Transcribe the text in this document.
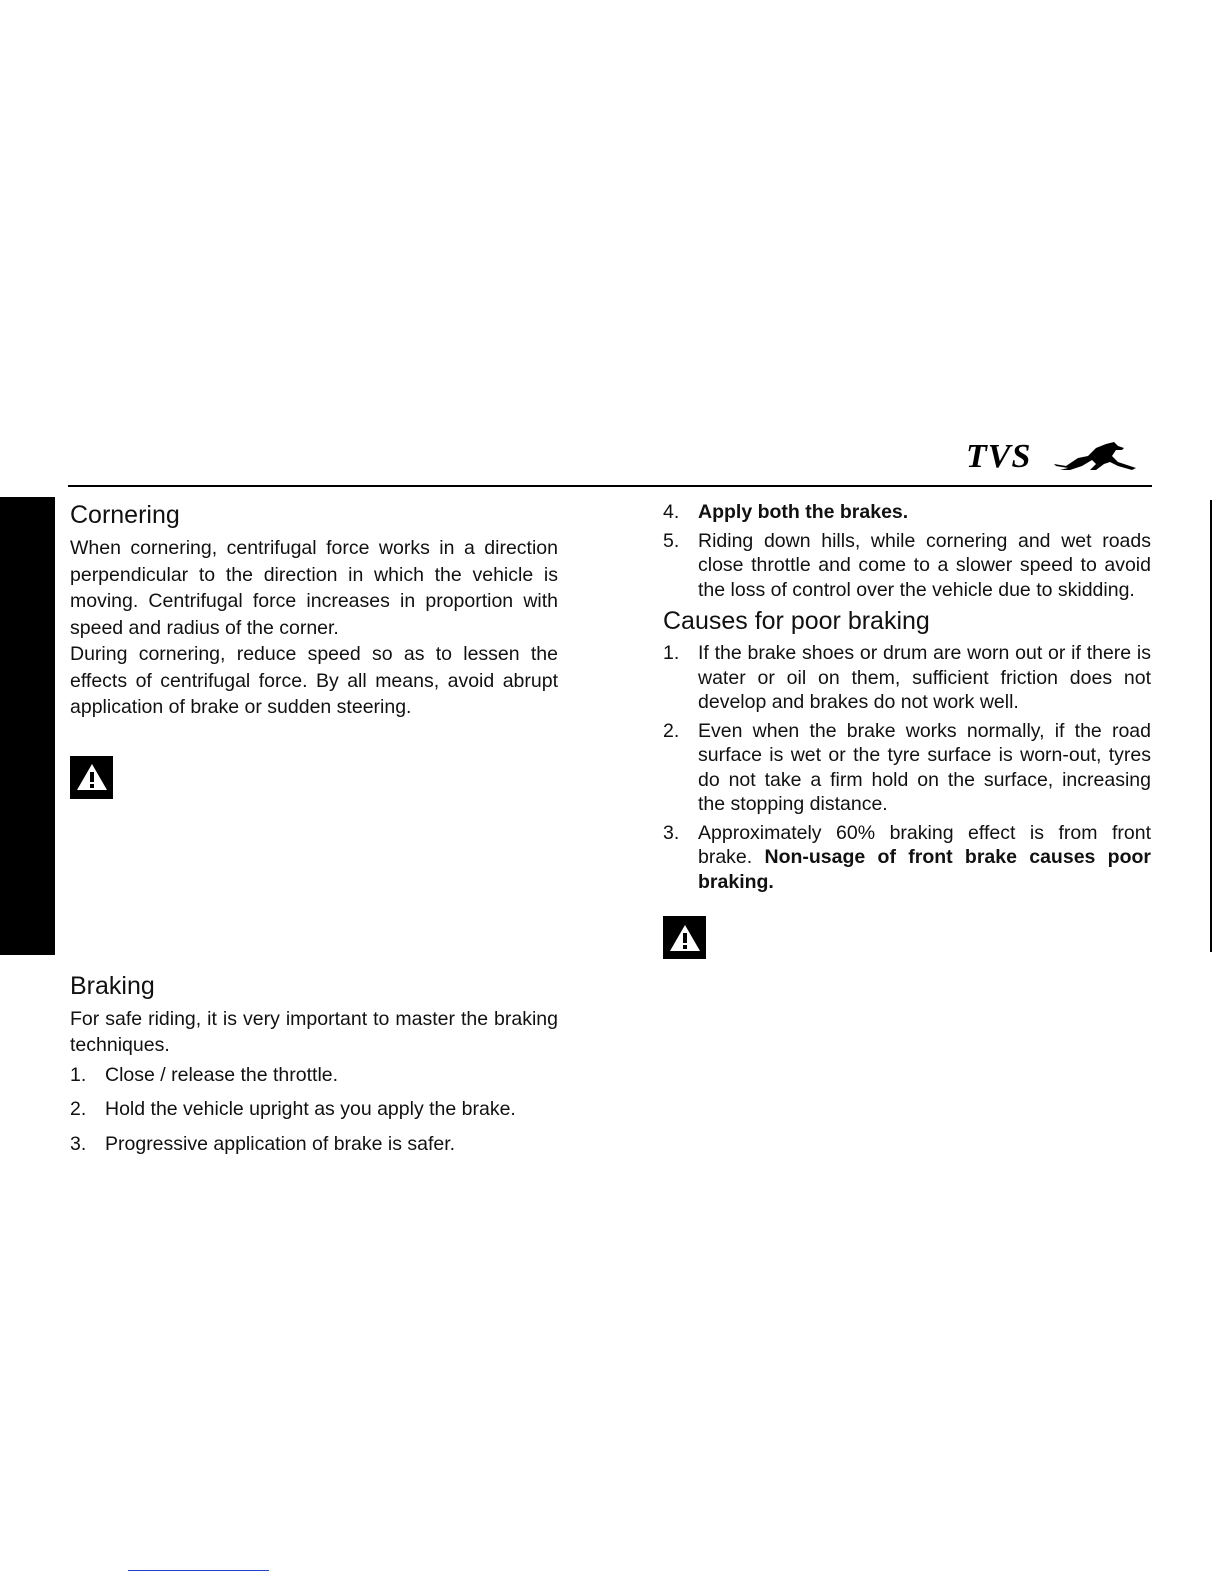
TVS
Cornering

When cornering, centrifugal force works in a direction perpendicular to the direction in which the vehicle is moving. Centrifugal force increases in proportion with speed and radius of the corner.

During cornering, reduce speed so as to lessen the effects of centrifugal force. By all means, avoid abrupt application of brake or sudden steering.

Braking

For safe riding, it is very important to master the braking techniques.

1. Close / release the throttle.
2. Hold the vehicle upright as you apply the brake.
3. Progressive application of brake is safer.
4. Apply both the brakes.
5. Riding down hills, while cornering and wet roads close throttle and come to a slower speed to avoid the loss of control over the vehicle due to skidding.
Causes for poor braking
1. If the brake shoes or drum are worn out or if there is water or oil on them, sufficient friction does not develop and brakes do not work well.
2. Even when the brake works normally, if the road surface is wet or the tyre surface is worn-out, tyres do not take a firm hold on the surface, increasing the stopping distance.
3. Approximately 60% braking effect is from front brake. Non-usage of front brake causes poor braking.
